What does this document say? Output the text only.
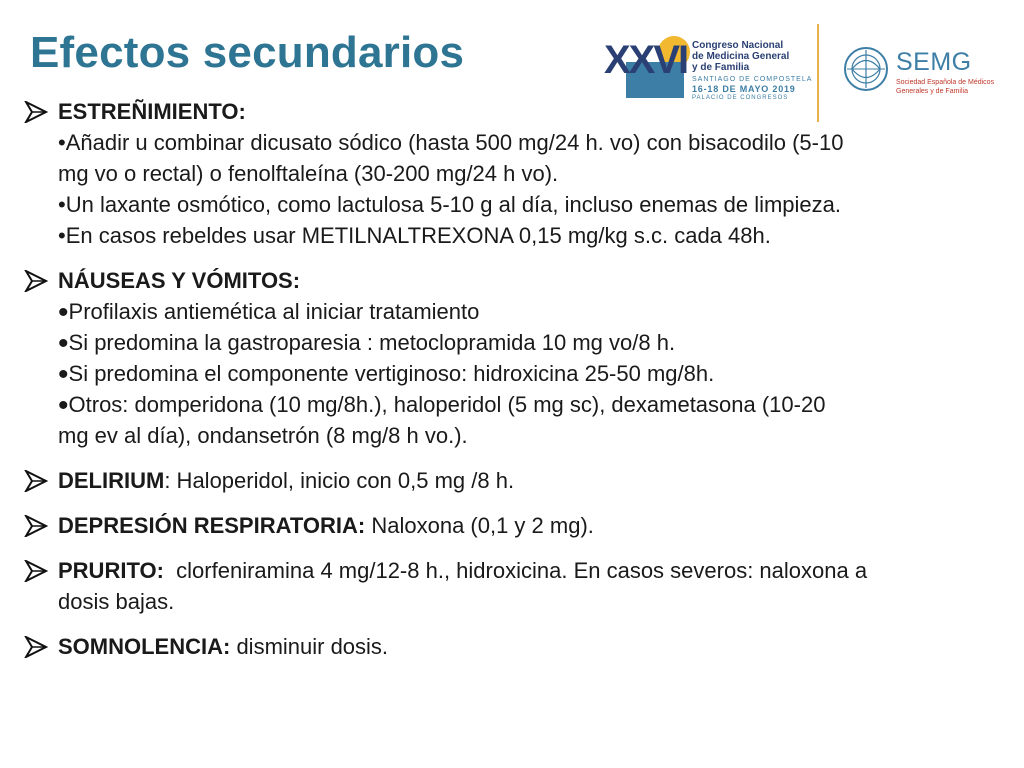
Efectos secundarios	XXVI Congreso Nacional
de Medicina General
y de Familia
SANTIAGO DE COMPOSTELA
16-18 DE MAYO 2019
PALACIO DE CONGRESOS
SEMG
Sociedad Española de Médicos
Generales y de Familia
ESTREÑIMIENTO:
•Añadir u combinar dicusato sódico (hasta 500 mg/24 h. vo) con bisacodilo (5-10
mg vo o rectal) o fenolftaleína (30-200 mg/24 h vo).
•Un laxante osmótico, como lactulosa 5-10 g al día, incluso enemas de limpieza.
•En casos rebeldes usar METILNALTREXONA 0,15 mg/kg s.c. cada 48h.
NÁUSEAS Y VÓMITOS:
•Profilaxis antiemética al iniciar tratamiento
•Si predomina la gastroparesia : metoclopramida 10 mg vo/8 h.
•Si predomina el componente vertiginoso: hidroxicina 25-50 mg/8h.
•Otros: domperidona (10 mg/8h.), haloperidol (5 mg sc), dexametasona (10-20
mg ev al día), ondansetrón (8 mg/8 h vo.).
DELIRIUM: Haloperidol, inicio con 0,5 mg /8 h.
DEPRESIÓN RESPIRATORIA: Naloxona (0,1 y 2 mg).
PRURITO:  clorfeniramina 4 mg/12-8 h., hidroxicina. En casos severos: naloxona a
dosis bajas.
SOMNOLENCIA: disminuir dosis.
